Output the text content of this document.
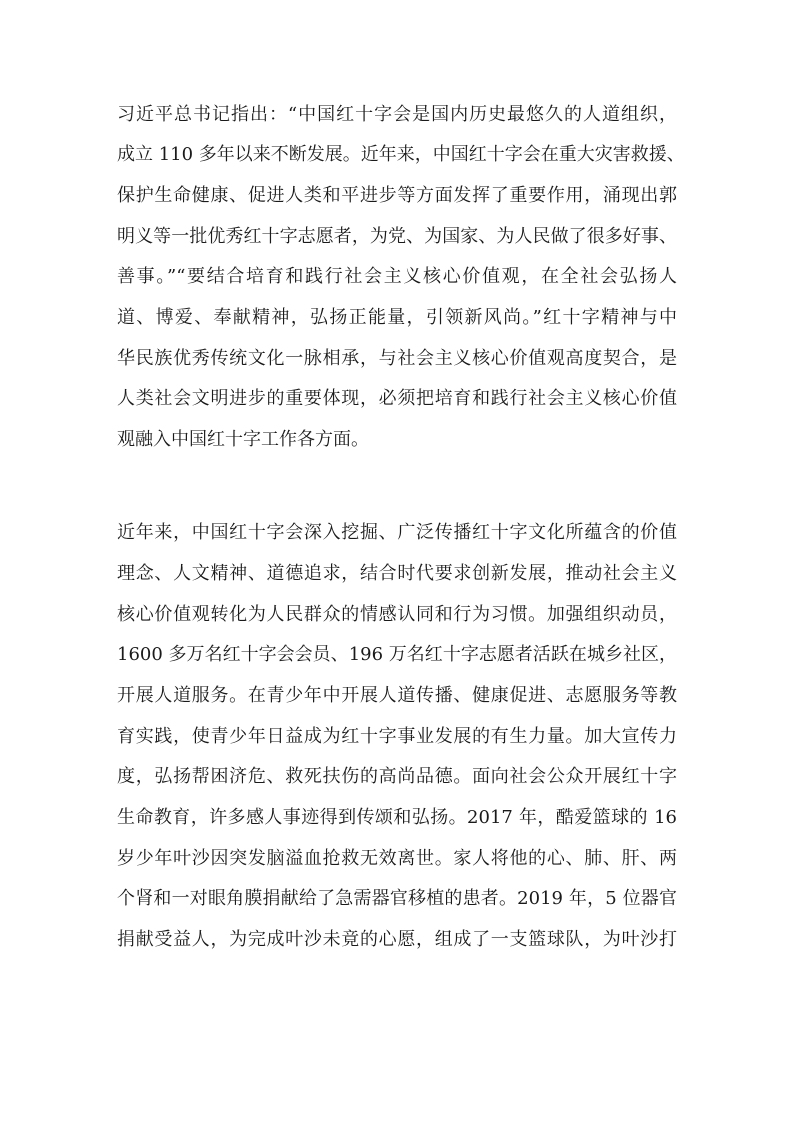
习近平总书记指出：“中国红十字会是国内历史最悠久的人道组织，
成立 110 多年以来不断发展。近年来，中国红十字会在重大灾害救援、
保护生命健康、促进人类和平进步等方面发挥了重要作用，涌现出郭
明义等一批优秀红十字志愿者，为党、为国家、为人民做了很多好事、
善事。”“要结合培育和践行社会主义核心价值观，在全社会弘扬人
道、博爱、奉献精神，弘扬正能量，引领新风尚。”红十字精神与中
华民族优秀传统文化一脉相承，与社会主义核心价值观高度契合，是
人类社会文明进步的重要体现，必须把培育和践行社会主义核心价值
观融入中国红十字工作各方面。
近年来，中国红十字会深入挖掘、广泛传播红十字文化所蕴含的价值
理念、人文精神、道德追求，结合时代要求创新发展，推动社会主义
核心价值观转化为人民群众的情感认同和行为习惯。加强组织动员，
1600 多万名红十字会会员、196 万名红十字志愿者活跃在城乡社区，
开展人道服务。在青少年中开展人道传播、健康促进、志愿服务等教
育实践，使青少年日益成为红十字事业发展的有生力量。加大宣传力
度，弘扬帮困济危、救死扶伤的高尚品德。面向社会公众开展红十字
生命教育，许多感人事迹得到传颂和弘扬。2017 年，酷爱篮球的 16
岁少年叶沙因突发脑溢血抢救无效离世。家人将他的心、肺、肝、两
个肾和一对眼角膜捐献给了急需器官移植的患者。2019 年，5 位器官
捐献受益人，为完成叶沙未竟的心愿，组成了一支篮球队，为叶沙打
